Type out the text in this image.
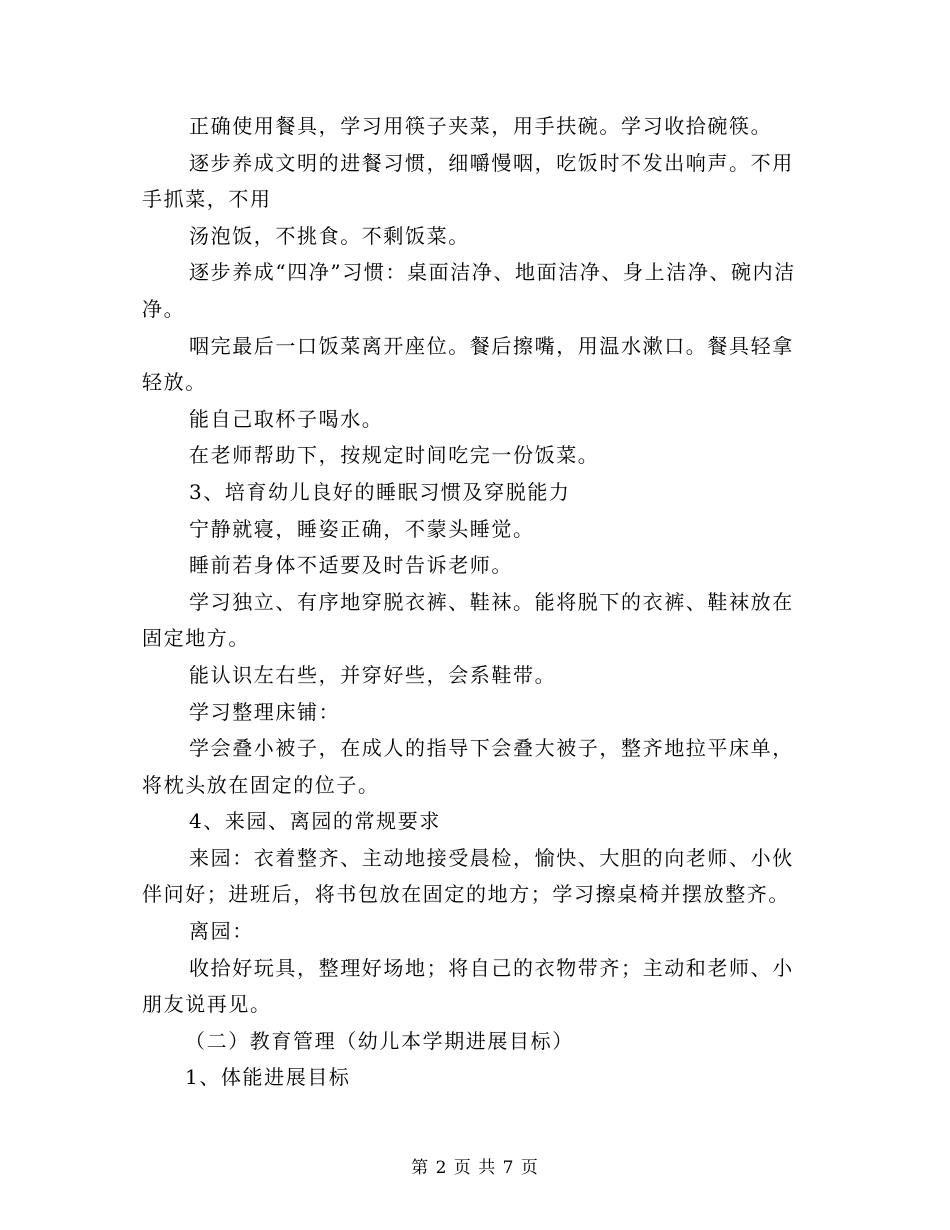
正确使用餐具，学习用筷子夹菜，用手扶碗。学习收拾碗筷。

逐步养成文明的进餐习惯，细嚼慢咽，吃饭时不发出响声。不用手抓菜，不用

汤泡饭，不挑食。不剩饭菜。

逐步养成“四净”习惯：桌面洁净、地面洁净、身上洁净、碗内洁净。

咽完最后一口饭菜离开座位。餐后擦嘴，用温水漱口。餐具轻拿轻放。

能自己取杯子喝水。

在老师帮助下，按规定时间吃完一份饭菜。

3、培育幼儿良好的睡眠习惯及穿脱能力

宁静就寝，睡姿正确，不蒙头睡觉。

睡前若身体不适要及时告诉老师。

学习独立、有序地穿脱衣裤、鞋袜。能将脱下的衣裤、鞋袜放在固定地方。

能认识左右些，并穿好些，会系鞋带。

学习整理床铺：

学会叠小被子，在成人的指导下会叠大被子，整齐地拉平床单，将枕头放在固定的位子。

4、来园、离园的常规要求

来园：衣着整齐、主动地接受晨检，愉快、大胆的向老师、小伙伴问好；进班后，将书包放在固定的地方；学习擦桌椅并摆放整齐。

离园：

收拾好玩具，整理好场地；将自己的衣物带齐；主动和老师、小朋友说再见。

（二）教育管理（幼儿本学期进展目标）

1、体能进展目标

第 2 页 共 7 页
